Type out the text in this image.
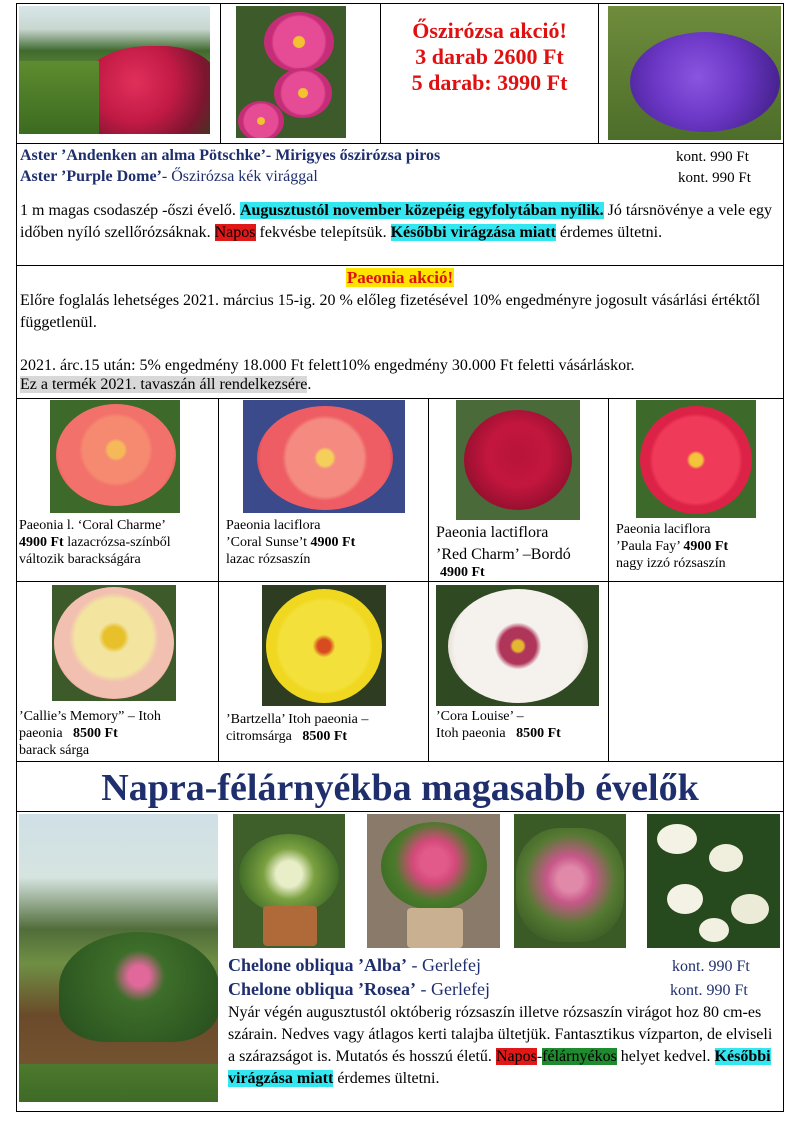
Őszirózsa akció!

3 darab 2600 Ft

5 darab: 3990 Ft

Aster ’Andenken an alma Pötschke’- Mirigyes őszirózsa piros	kont. 990 Ft
Aster ’Purple Dome’- Őszirózsa kék virággal	kont. 990 Ft
1 m magas csodaszép -őszi évelő. Augusztustól november közepéig egyfolytában nyílik. Jó társnövénye a vele egy időben nyíló szellőrózsáknak. Napos fekvésbe telepítsük. Későbbi virágzása miatt érdemes ültetni.
Paeonia akció!
Előre foglalás lehetséges 2021. március 15-ig. 20 % előleg fizetésével 10% engedményre jogosult vásárlási értéktől függetlenül.
2021. árc.15 után: 5% engedmény 18.000 Ft felett10% engedmény 30.000 Ft feletti vásárláskor.
Ez a termék 2021. tavaszán áll rendelkezsére.
Paeonia l. ‘Coral Charme’
4900 Ft lazacrózsa-színből
változik barackságára
Paeonia laciflora
’Coral Sunse’t 4900 Ft
lazac rózsaszín
Paeonia lactiflora
’Red Charm’ –Bordó
4900 Ft
Paeonia laciflora
’Paula Fay’ 4900 Ft
nagy izzó rózsaszín
’Callie’s Memory” – Itoh
paeonia   8500 Ft
barack sárga
’Bartzella’ Itoh paeonia –
citromsárga   8500 Ft
’Cora Louise’ –
Itoh paeonia   8500 Ft
Napra-félárnyékba magasabb évelők
Chelone obliqua ’Alba’ - Gerlefej	kont. 990 Ft
Chelone obliqua ’Rosea’ - Gerlefej	kont. 990 Ft
Nyár végén augusztustól októberig rózsaszín illetve rózsaszín virágot hoz 80 cm-es szárain. Nedves vagy átlagos kerti talajba ültetjük. Fantasztikus vízparton, de elviseli a szárazságot is. Mutatós és hosszú életű. Napos-félárnyékos helyet kedvel. Későbbi virágzása miatt érdemes ültetni.
